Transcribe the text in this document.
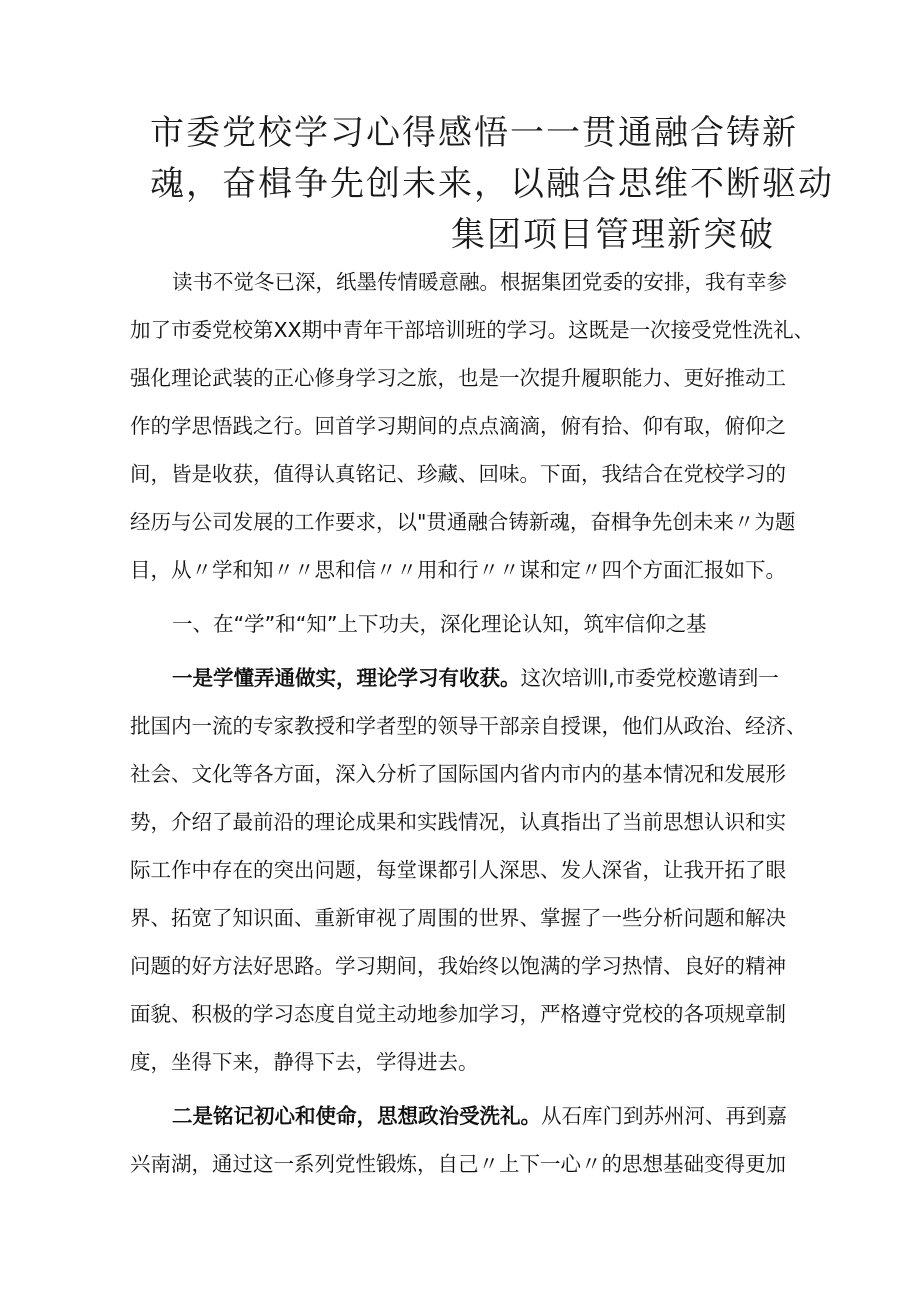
市委党校学习心得感悟一一贯通融合铸新
魂，奋楫争先创未来，以融合思维不断驱动
集团项目管理新突破
读书不觉冬已深，纸墨传情暖意融。根据集团党委的安排，我有幸参
加了市委党校第XX期中青年干部培训班的学习。这既是一次接受党性洗礼、
强化理论武装的正心修身学习之旅，也是一次提升履职能力、更好推动工
作的学思悟践之行。回首学习期间的点点滴滴，俯有拾、仰有取，俯仰之
间，皆是收获，值得认真铭记、珍藏、回味。下面，我结合在党校学习的
经历与公司发展的工作要求，以"贯通融合铸新魂，奋楫争先创未来〃为题
目，从〃学和知〃〃思和信〃〃用和行〃〃谋和定〃四个方面汇报如下。
一、在“学”和“知”上下功夫，深化理论认知，筑牢信仰之基
一是学懂弄通做实，理论学习有收获。这次培训l,市委党校邀请到一
批国内一流的专家教授和学者型的领导干部亲自授课，他们从政治、经济、
社会、文化等各方面，深入分析了国际国内省内市内的基本情况和发展形
势，介绍了最前沿的理论成果和实践情况，认真指出了当前思想认识和实
际工作中存在的突出问题，每堂课都引人深思、发人深省，让我开拓了眼
界、拓宽了知识面、重新审视了周围的世界、掌握了一些分析问题和解决
问题的好方法好思路。学习期间，我始终以饱满的学习热情、良好的精神
面貌、积极的学习态度自觉主动地参加学习，严格遵守党校的各项规章制
度，坐得下来，静得下去，学得进去。
二是铭记初心和使命，思想政治受洗礼。从石库门到苏州河、再到嘉
兴南湖，通过这一系列党性锻炼，自己〃上下一心〃的思想基础变得更加
